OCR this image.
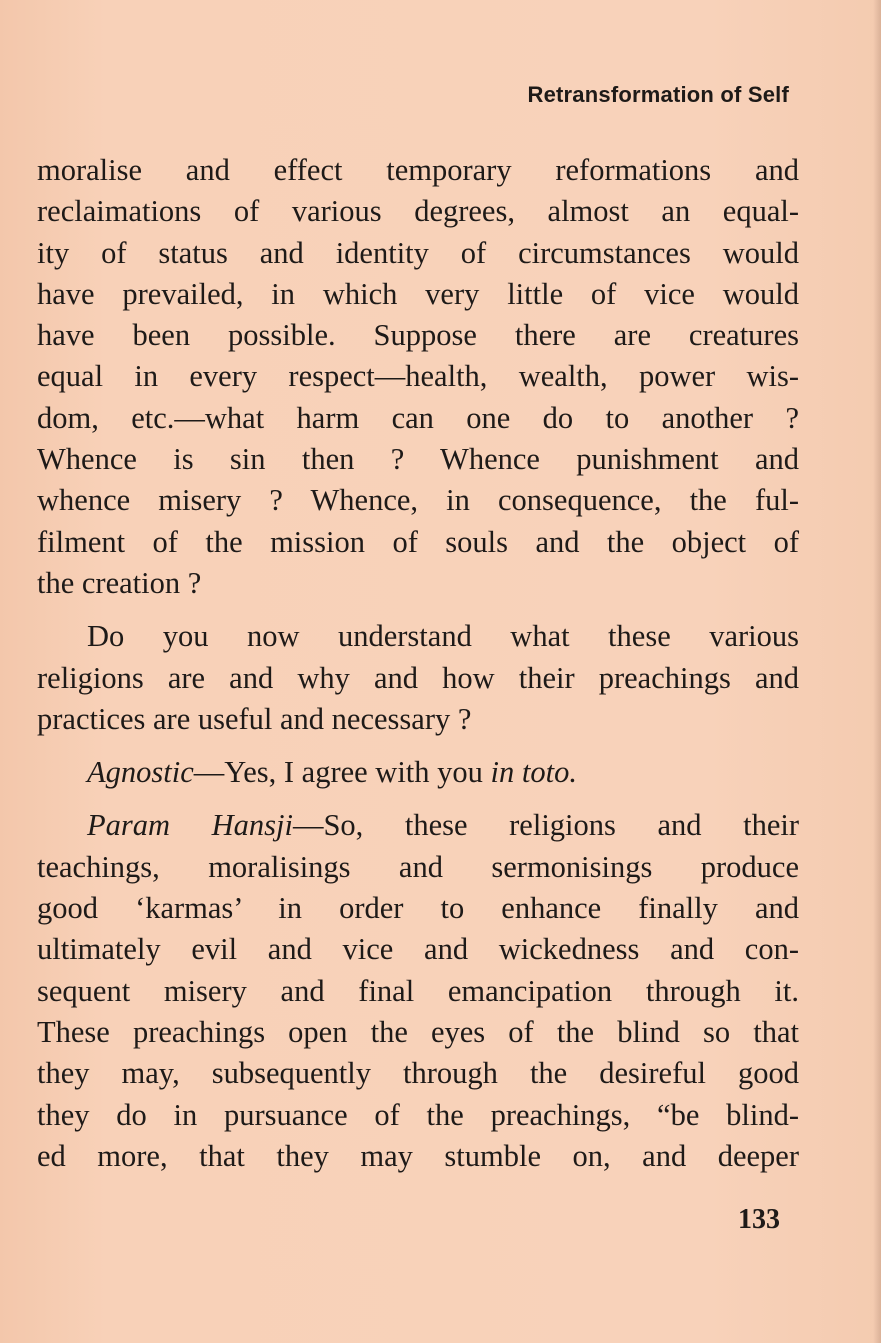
Retransformation of Self
moralise and effect temporary reformations and
reclaimations of various degrees, almost an equal-
ity of status and identity of circumstances would
have prevailed, in which very little of vice would
have been possible. Suppose there are creatures
equal in every respect—health, wealth, power wis-
dom, etc.—what harm can one do to another ?
Whence is sin then ? Whence punishment and
whence misery ? Whence, in consequence, the ful-
filment of the mission of souls and the object of
the creation ?
Do you now understand what these various
religions are and why and how their preachings and
practices are useful and necessary ?
Agnostic—Yes, I agree with you in toto.
Param Hansji—So, these religions and their
teachings, moralisings and sermonisings produce
good ‘karmas’ in order to enhance finally and
ultimately evil and vice and wickedness and con-
sequent misery and final emancipation through it.
These preachings open the eyes of the blind so that
they may, subsequently through the desireful good
they do in pursuance of the preachings, “be blind-
ed more, that they may stumble on, and deeper
133
